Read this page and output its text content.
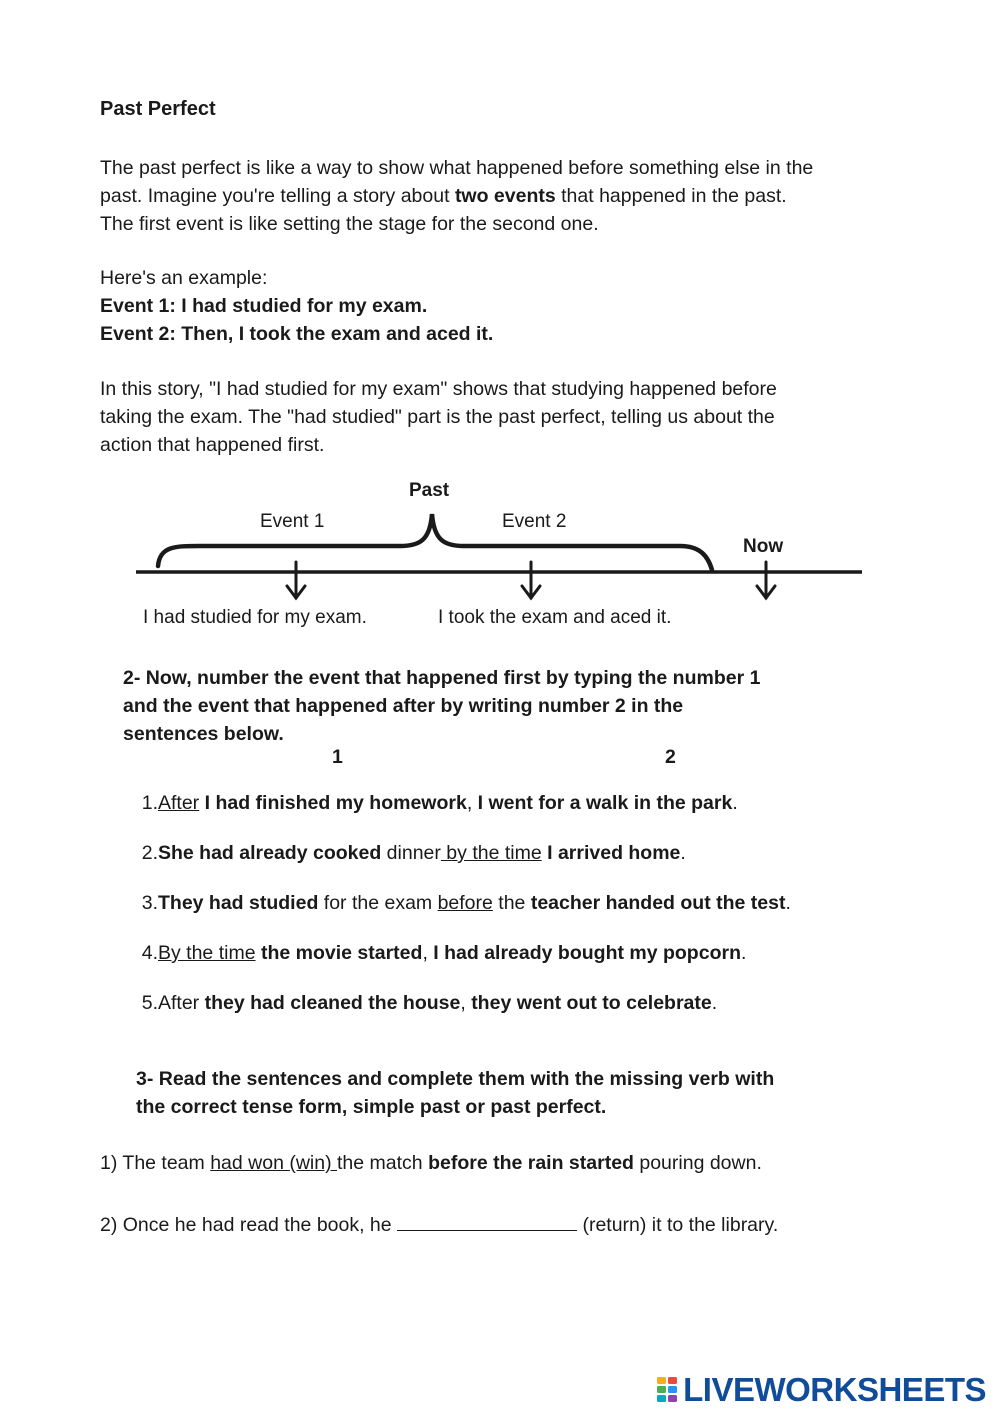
Past Perfect
The past perfect is like a way to show what happened before something else in the
past. Imagine you're telling a story about two events that happened in the past.
The first event is like setting the stage for the second one.
Here's an example:
Event 1: I had studied for my exam.
Event 2: Then, I took the exam and aced it.
In this story, "I had studied for my exam" shows that studying happened before
taking the exam. The "had studied" part is the past perfect, telling us about the
action that happened first.
Past
Event 1	Event 2
Now
I had studied for my exam.	I took the exam and aced it.
2- Now, number the event that happened first by typing the number 1
and the event that happened after by writing number 2 in the
sentences below.
1	2
1.After I had finished my homework, I went for a walk in the park.
2.She had already cooked dinner by the time I arrived home.
3.They had studied for the exam before the teacher handed out the test.
4.By the time the movie started, I had already bought my popcorn.
5.After they had cleaned the house, they went out to celebrate.
3- Read the sentences and complete them with the missing verb with
the correct tense form, simple past or past perfect.
1) The team had won (win) the match before the rain started pouring down.
2) Once he had read the book, he	(return) it to the library.
LIVEWORKSHEETS
